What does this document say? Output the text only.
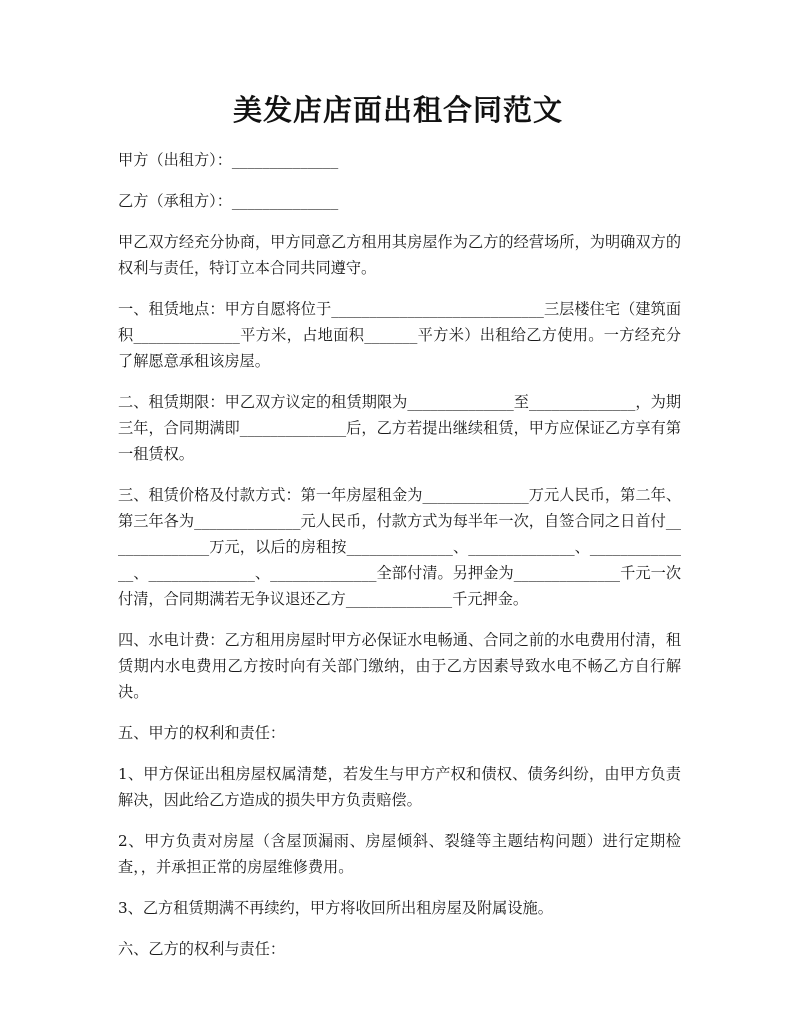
美发店店面出租合同范文

甲方（出租方）：______________

乙方（承租方）：______________

甲乙双方经充分协商，甲方同意乙方租用其房屋作为乙方的经营场所，为明确双方的权利与责任，特订立本合同共同遵守。

一、租赁地点：甲方自愿将位于____________________________三层楼住宅（建筑面积______________平方米，占地面积_______平方米）出租给乙方使用。一方经充分了解愿意承租该房屋。

二、租赁期限：甲乙双方议定的租赁期限为______________至______________，为期三年，合同期满即______________后，乙方若提出继续租赁，甲方应保证乙方享有第一租赁权。

三、租赁价格及付款方式：第一年房屋租金为______________万元人民币，第二年、第三年各为______________元人民币，付款方式为每半年一次，自签合同之日首付______________万元，以后的房租按______________、______________、______________、______________、______________全部付清。另押金为______________千元一次付清，合同期满若无争议退还乙方______________千元押金。

四、水电计费：乙方租用房屋时甲方必保证水电畅通、合同之前的水电费用付清，租赁期内水电费用乙方按时向有关部门缴纳，由于乙方因素导致水电不畅乙方自行解决。

五、甲方的权利和责任：

1、甲方保证出租房屋权属清楚，若发生与甲方产权和债权、债务纠纷，由甲方负责解决，因此给乙方造成的损失甲方负责赔偿。

2、甲方负责对房屋（含屋顶漏雨、房屋倾斜、裂缝等主题结构问题）进行定期检查，，并承担正常的房屋维修费用。

3、乙方租赁期满不再续约，甲方将收回所出租房屋及附属设施。

六、乙方的权利与责任：
